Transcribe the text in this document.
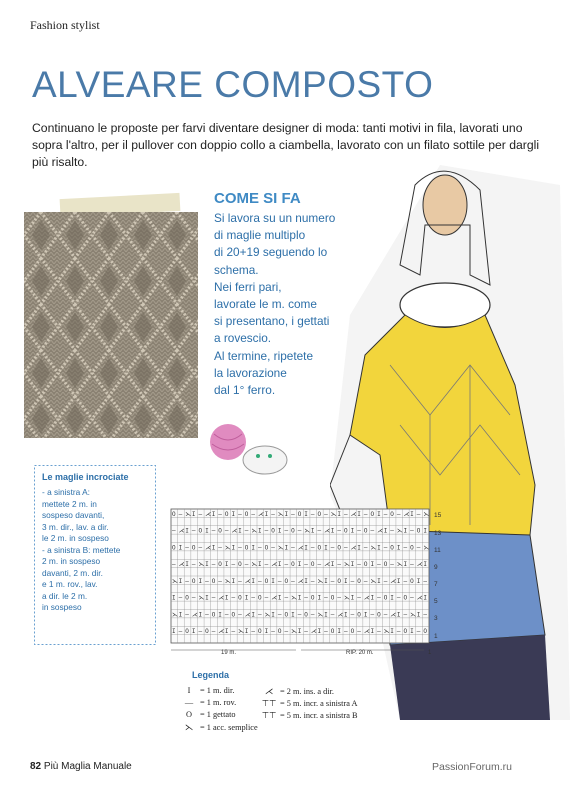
Fashion stylist
ALVEARE COMPOSTO
Continuano le proposte per farvi diventare designer di moda: tanti motivi in fila, lavorati uno sopra l'altro, per il pullover con doppio collo a ciambella, lavorato con un filato sottile per dargli più risalto.
COME SI FA
Si lavora su un numero
di maglie multiplo
di 20+19 seguendo lo
schema.
Nei ferri pari,
lavorate le m. come
si presentano, i gettati
a rovescio.
Al termine, ripetete
la lavorazione
dal 1° ferro.
Le maglie incrociate
- a sinistra A:
mettete 2 m. in
sospeso davanti,
3 m. dir., lav. a dir.
le 2 m. in sospeso
- a sinistra B: mettete
2 m. in sospeso
davanti, 2 m. dir.
e 1 m. rov., lav.
a dir. le 2 m.
in sospeso
O — ⋋ I — ⋌ I — O I — O — ⋌ I — ⋋ I — O I — O — ⋋ I — ⋌ I — O I — O — ⋌ I — ⋋
— ⋌ I — O I — O — ⋌ I — ⋋ I — O I — O — ⋋ I — ⋌ I — O I — O — ⋌ I — ⋋ I — O I
O I — O — ⋌ I — ⋋ I — O I — O — ⋋ I — ⋌ I — O I — O — ⋌ I — ⋋ I — O I — O — ⋋
— ⋌ I — ⋋ I — O I — O — ⋋ I — ⋌ I — O I — O — ⋌ I — ⋋ I — O I — O — ⋋ I — ⋌ I
⋋ I — O I — O — ⋋ I — ⋌ I — O I — O — ⋌ I — ⋋ I — O I — O — ⋋ I — ⋌ I — O I —
I — O — ⋋ I — ⋌ I — O I — O — ⋌ I — ⋋ I — O I — O — ⋋ I — ⋌ I — O I — O — ⋌ I
⋋ I — ⋌ I — O I — O — ⋌ I — ⋋ I — O I — O — ⋋ I — ⋌ I — O I — O — ⋌ I — ⋋ I —
I — O I — O — ⋌ I — ⋋ I — O I — O — ⋋ I — ⋌ I — O I — O — ⋌ I — ⋋ I — O I — O
15
13
11
9
7
5
3
1
19 m.	RIP. 20 m.	1
Legenda
I = 1 m. dir.
— = 1 m. rov.
O = 1 gettato
⋋ = 1 acc. semplice
⋌ = 2 m. ins. a dir.
⊤⊤ = 5 m. incr. a sinistra A
⊤⊤ = 5 m. incr. a sinistra B
82 Più Maglia Manuale	PassionForum.ru
